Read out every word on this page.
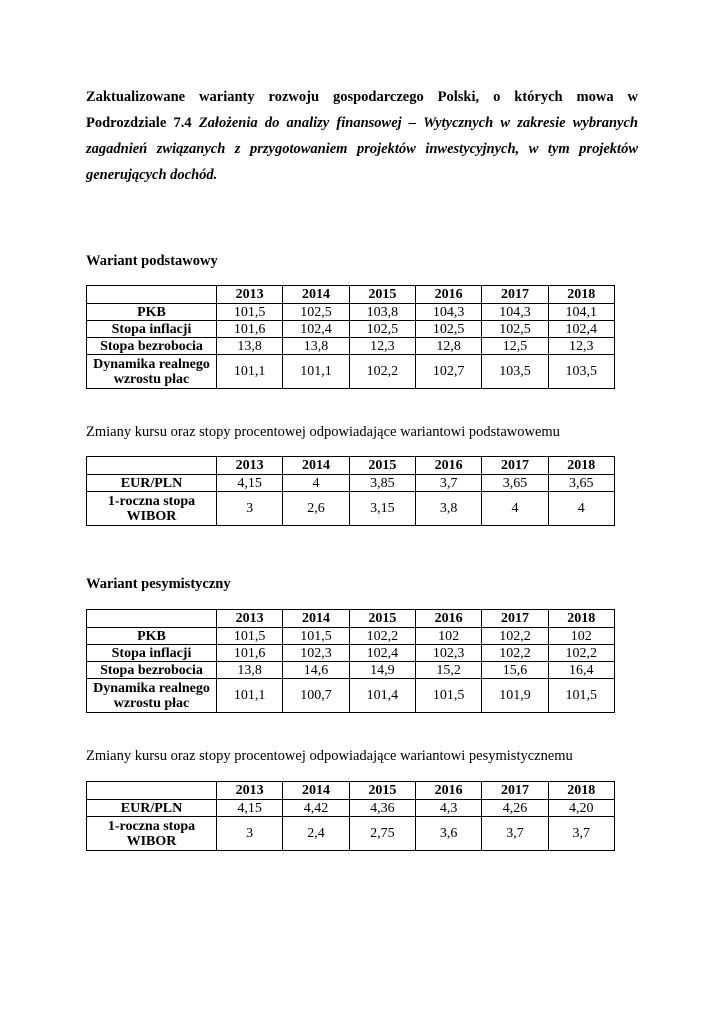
Zaktualizowane warianty rozwoju gospodarczego Polski, o których mowa w Podrozdziale 7.4 Założenia do analizy finansowej – Wytycznych w zakresie wybranych zagadnień związanych z przygotowaniem projektów inwestycyjnych, w tym projektów generujących dochód.

Wariant podstawowy

	2013	2014	2015	2016	2017	2018
PKB	101,5	102,5	103,8	104,3	104,3	104,1
Stopa inflacji	101,6	102,4	102,5	102,5	102,5	102,4
Stopa bezrobocia	13,8	13,8	12,3	12,8	12,5	12,3
Dynamika realnego
wzrostu płac	101,1	101,1	102,2	102,7	103,5	103,5

Zmiany kursu oraz stopy procentowej odpowiadające wariantowi podstawowemu

	2013	2014	2015	2016	2017	2018
EUR/PLN	4,15	4	3,85	3,7	3,65	3,65
1-roczna stopa
WIBOR	3	2,6	3,15	3,8	4	4

Wariant pesymistyczny

	2013	2014	2015	2016	2017	2018
PKB	101,5	101,5	102,2	102	102,2	102
Stopa inflacji	101,6	102,3	102,4	102,3	102,2	102,2
Stopa bezrobocia	13,8	14,6	14,9	15,2	15,6	16,4
Dynamika realnego
wzrostu płac	101,1	100,7	101,4	101,5	101,9	101,5

Zmiany kursu oraz stopy procentowej odpowiadające wariantowi pesymistycznemu

	2013	2014	2015	2016	2017	2018
EUR/PLN	4,15	4,42	4,36	4,3	4,26	4,20
1-roczna stopa
WIBOR	3	2,4	2,75	3,6	3,7	3,7
